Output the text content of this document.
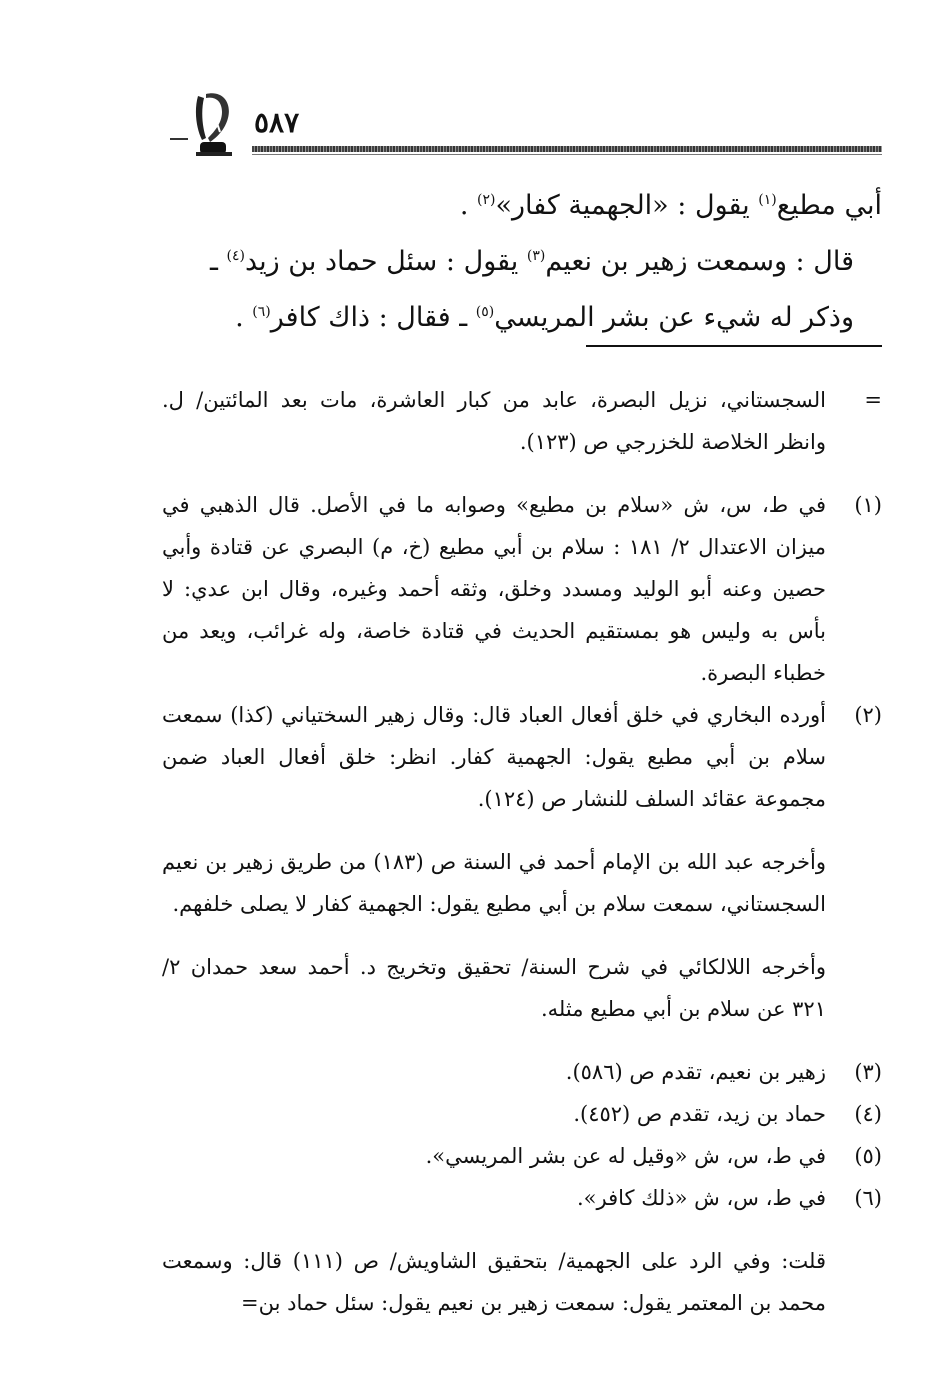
٥٨٧

أبي مطيع$^{(١)}$ يقول : «الجهمية كفار»$^{(٢)}$ .

قال : وسمعت زهير بن نعيم$^{(٣)}$ يقول : سئل حماد بن زيد$^{(٤)}$ ـ وذكر له شيء عن بشر المريسي$^{(٥)}$ ـ فقال : ذاك كافر$^{(٦)}$ .

=

السجستاني، نزيل البصرة، عابد من كبار العاشرة، مات بعد المائتين/ ل. وانظر الخلاصة للخزرجي ص (١٢٣).

(١)

في ط، س، ش «سلام بن مطيع» وصوابه ما في الأصل. قال الذهبي في ميزان الاعتدال ٢/ ١٨١ : سلام بن أبي مطيع (خ، م) البصري عن قتادة وأبي حصين وعنه أبو الوليد ومسدد وخلق، وثقه أحمد وغيره، وقال ابن عدي: لا بأس به وليس هو بمستقيم الحديث في قتادة خاصة، وله غرائب، ويعد من خطباء البصرة.

(٢)

أورده البخاري في خلق أفعال العباد قال: وقال زهير السختياني (كذا) سمعت سلام بن أبي مطيع يقول: الجهمية كفار. انظر: خلق أفعال العباد ضمن مجموعة عقائد السلف للنشار ص (١٢٤).

وأخرجه عبد الله بن الإمام أحمد في السنة ص (١٨٣) من طريق زهير بن نعيم السجستاني، سمعت سلام بن أبي مطيع يقول: الجهمية كفار لا يصلى خلفهم.

وأخرجه اللالكائي في شرح السنة/ تحقيق وتخريج د. أحمد سعد حمدان ٢/ ٣٢١ عن سلام بن أبي مطيع مثله.

(٣)

زهير بن نعيم، تقدم ص (٥٨٦).

(٤)

حماد بن زيد، تقدم ص (٤٥٢).

(٥)

في ط، س، ش «وقيل له عن بشر المريسي».

(٦)

في ط، س، ش «ذلك كافر».

قلت: وفي الرد على الجهمية/ بتحقيق الشاويش/ ص (١١١) قال: وسمعت محمد بن المعتمر يقول: سمعت زهير بن نعيم يقول: سئل حماد بن=
